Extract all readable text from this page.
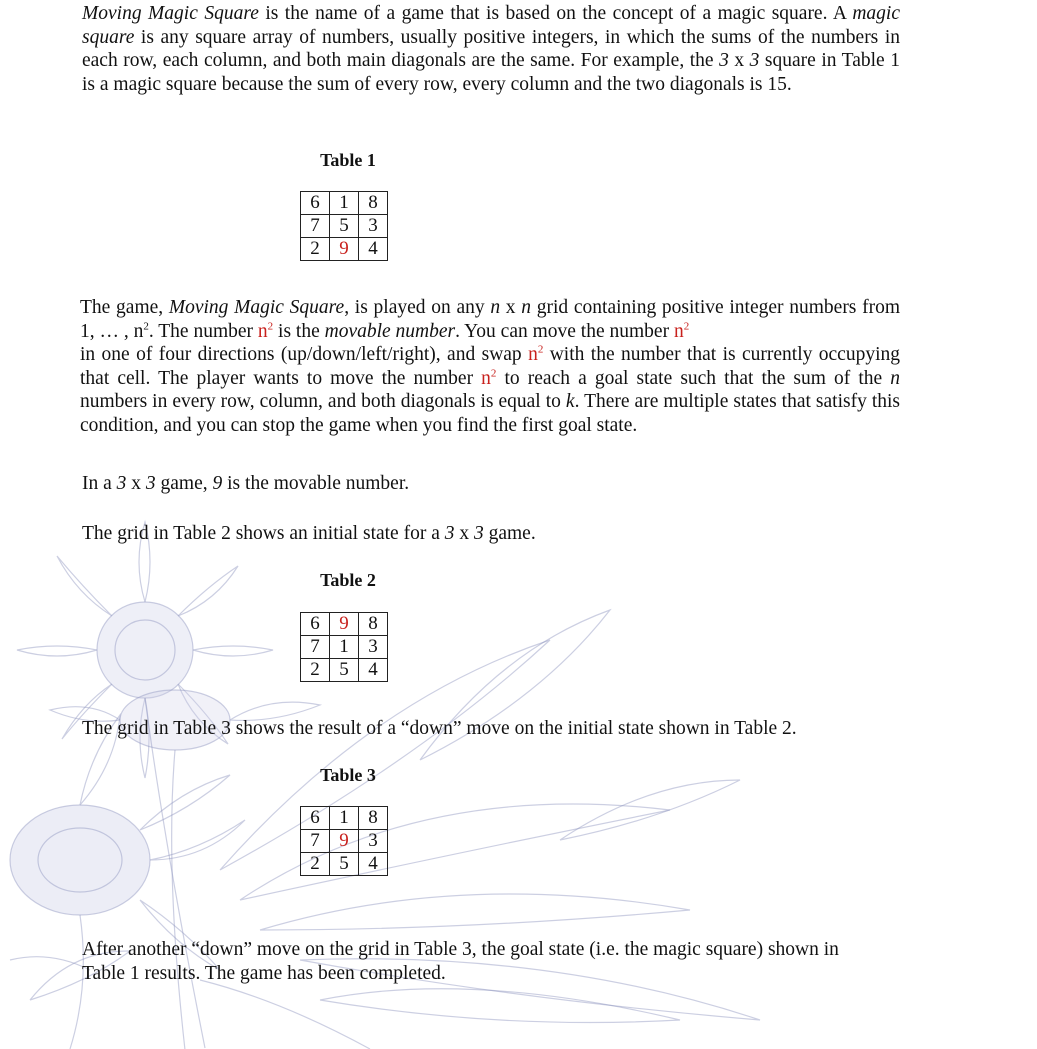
Moving Magic Square is the name of a game that is based on the concept of a magic square. A magic square is any square array of numbers, usually positive integers, in which the sums of the numbers in each row, each column, and both main diagonals are the same. For example, the 3 x 3 square in Table 1 is a magic square because the sum of every row, every column and the two diagonals is 15.

Table 1

6	1	8
7	5	3
2	9	4

The game, Moving Magic Square, is played on any n x n grid containing positive integer numbers from 1, … , $n^2$. The number $n^2$ is the movable number. You can move the number $n^2$
in one of four directions (up/down/left/right), and swap $n^2$ with the number that is currently occupying that cell. The player wants to move the number $n^2$ to reach a goal state such that the sum of the n numbers in every row, column, and both diagonals is equal to k. There are multiple states that satisfy this condition, and you can stop the game when you find the first goal state.

In a 3 x 3 game, 9 is the movable number.

The grid in Table 2 shows an initial state for a 3 x 3 game.

Table 2

6	9	8
7	1	3
2	5	4

The grid in Table 3 shows the result of a “down” move on the initial state shown in Table 2.

Table 3

6	1	8
7	9	3
2	5	4

After another “down” move on the grid in Table 3, the goal state (i.e. the magic square) shown in Table 1 results. The game has been completed.
